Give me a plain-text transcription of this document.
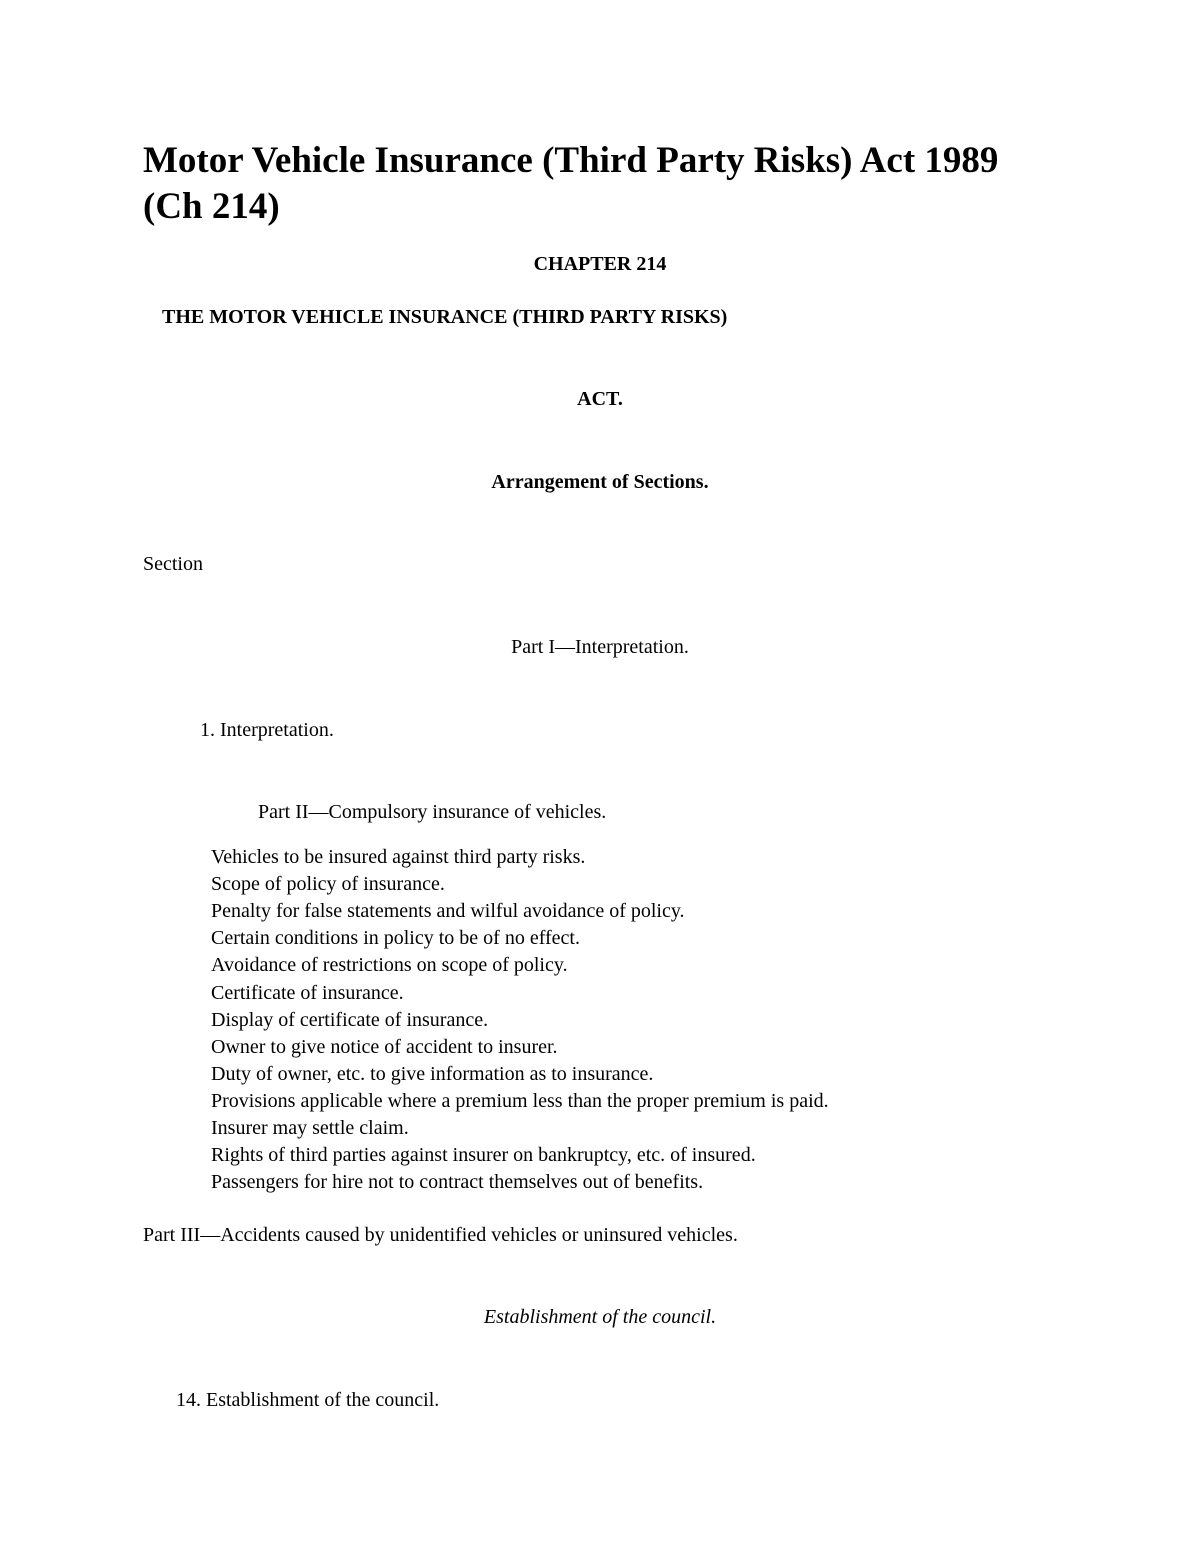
Motor Vehicle Insurance (Third Party Risks) Act 1989 (Ch 214)
CHAPTER 214
THE MOTOR VEHICLE INSURANCE (THIRD PARTY RISKS)
ACT.
Arrangement of Sections.
Section
Part I—Interpretation.
1. Interpretation.
Part II—Compulsory insurance of vehicles.
Vehicles to be insured against third party risks.
Scope of policy of insurance.
Penalty for false statements and wilful avoidance of policy.
Certain conditions in policy to be of no effect.
Avoidance of restrictions on scope of policy.
Certificate of insurance.
Display of certificate of insurance.
Owner to give notice of accident to insurer.
Duty of owner, etc. to give information as to insurance.
Provisions applicable where a premium less than the proper premium is paid.
Insurer may settle claim.
Rights of third parties against insurer on bankruptcy, etc. of insured.
Passengers for hire not to contract themselves out of benefits.
Part III—Accidents caused by unidentified vehicles or uninsured vehicles.
Establishment of the council.
14. Establishment of the council.
